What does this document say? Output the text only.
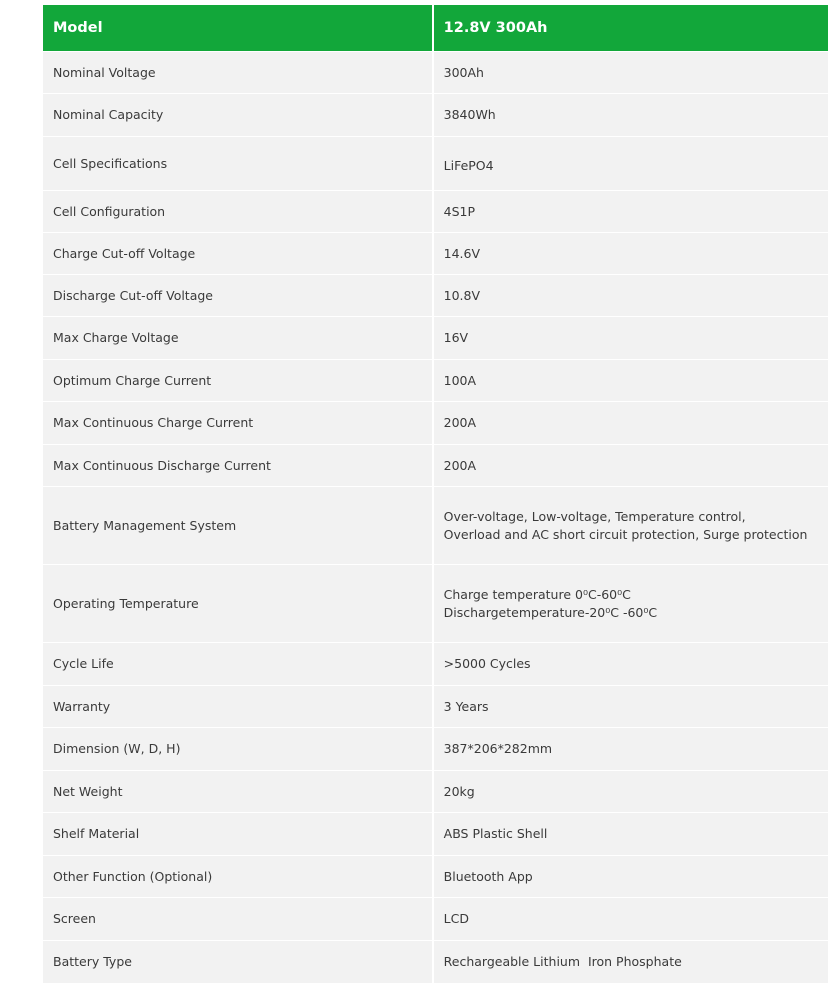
Model	12.8V 300Ah
Nominal Voltage	300Ah
Nominal Capacity	3840Wh
Cell Specifications	LiFePO4
Cell Configuration	4S1P
Charge Cut-off Voltage	14.6V
Discharge Cut-off Voltage	10.8V
Max Charge Voltage	16V
Optimum Charge Current	100A
Max Continuous Charge Current	200A
Max Continuous Discharge Current	200A
Battery Management System	Over-voltage, Low-voltage, Temperature control,
Overload and AC short circuit protection, Surge protection
Operating Temperature	Charge temperature 0⁰C-60⁰C
Dischargetemperature-20⁰C -60⁰C
Cycle Life	>5000 Cycles
Warranty	3 Years
Dimension (W, D, H)	387*206*282mm
Net Weight	20kg
Shelf Material	ABS Plastic Shell
Other Function (Optional)	Bluetooth App
Screen	LCD
Battery Type	Rechargeable Lithium  Iron Phosphate
